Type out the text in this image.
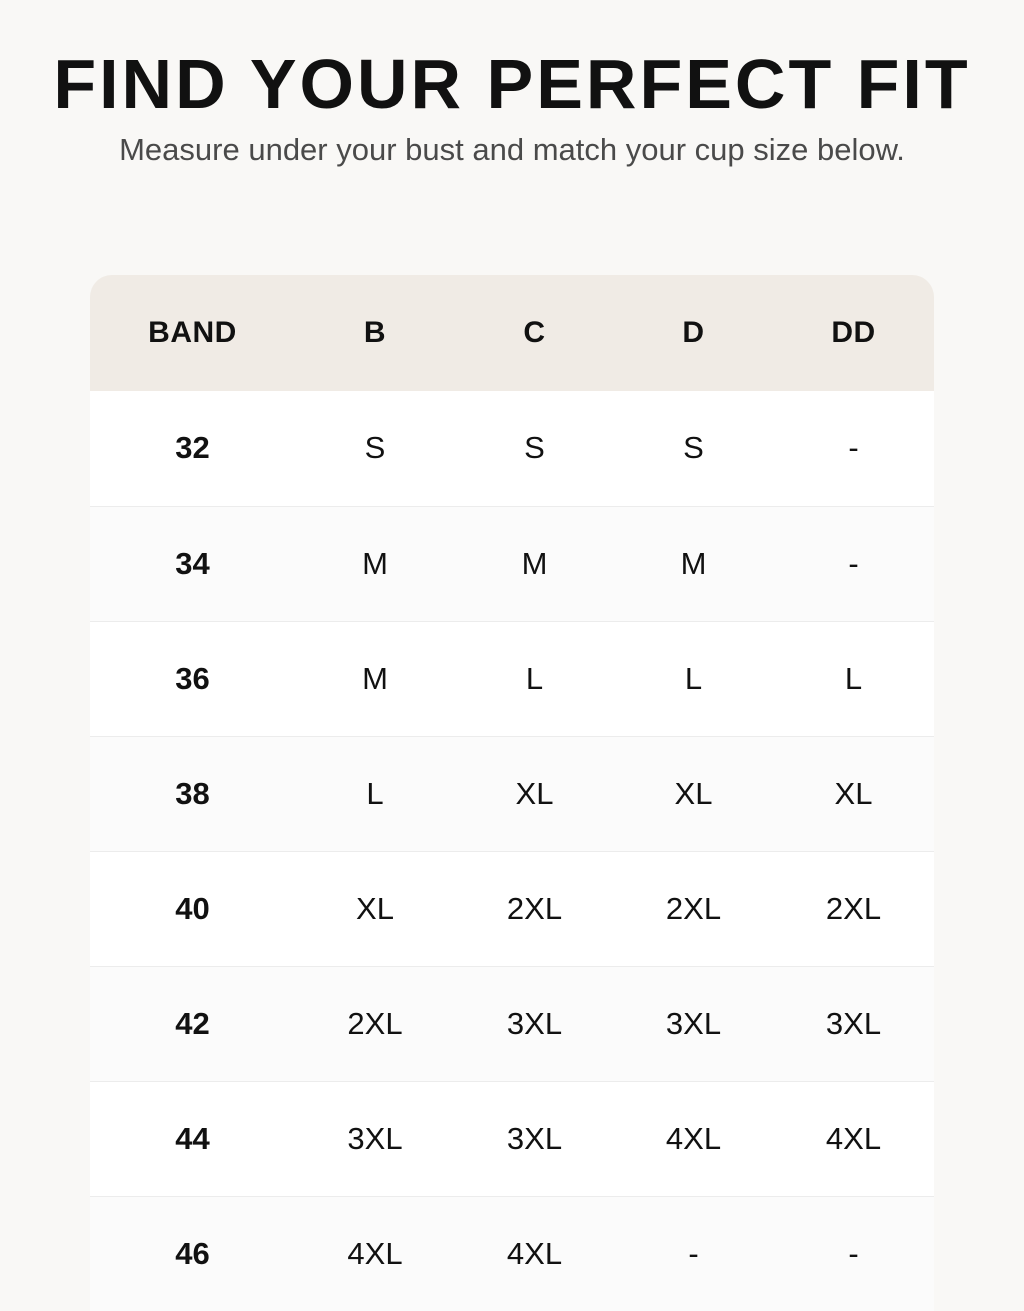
FIND YOUR PERFECT FIT

Measure under your bust and match your cup size below.

BAND	B	C	D	DD
32	S	S	S	-
34	M	M	M	-
36	M	L	L	L
38	L	XL	XL	XL
40	XL	2XL	2XL	2XL
42	2XL	3XL	3XL	3XL
44	3XL	3XL	4XL	4XL
46	4XL	4XL	-	-
